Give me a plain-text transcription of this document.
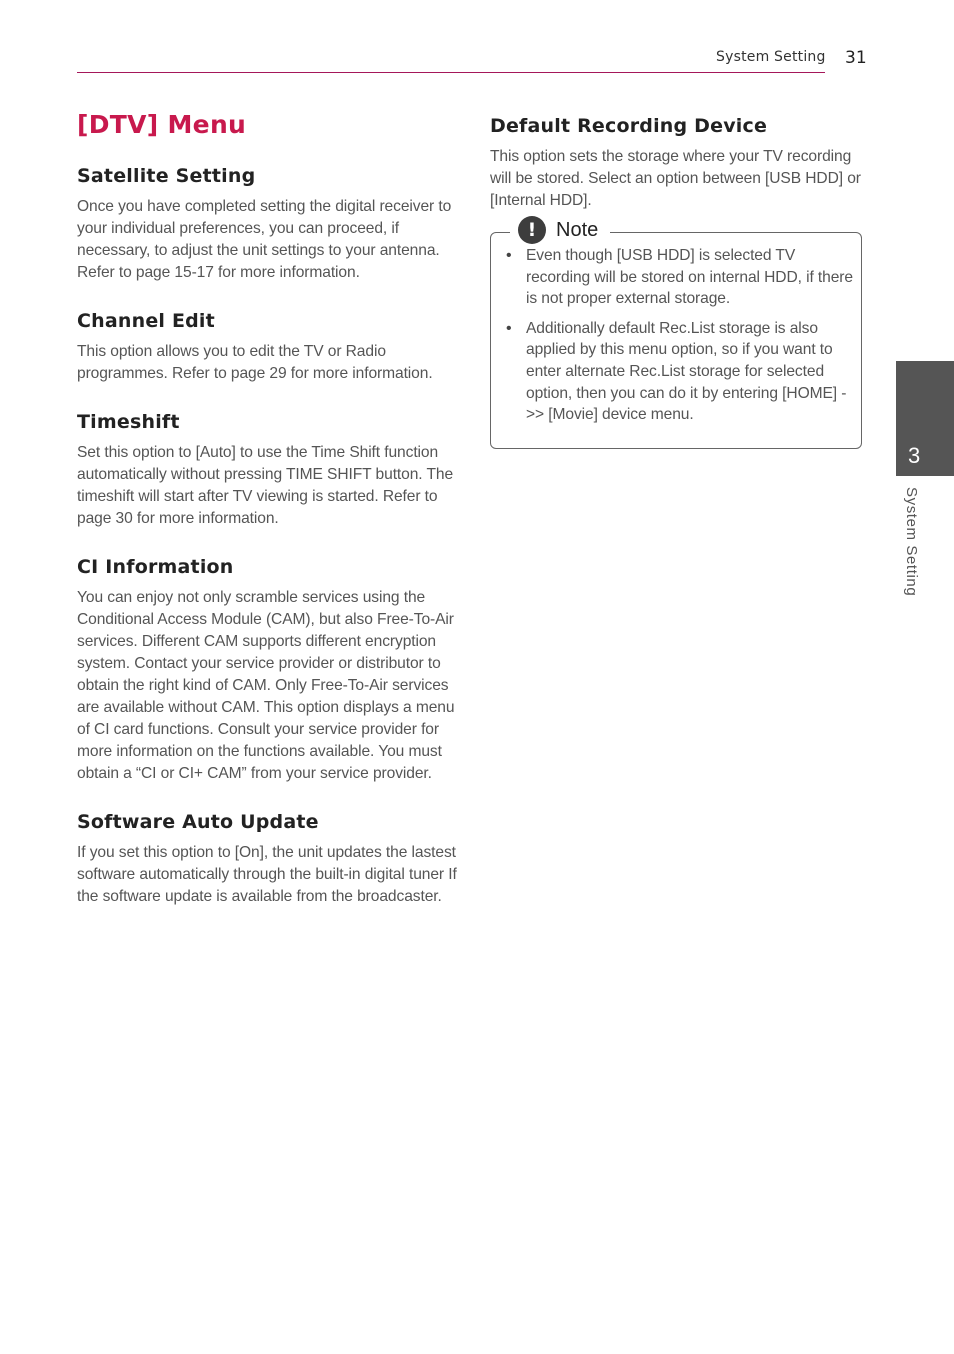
System Setting 31
[DTV] Menu
Satellite Setting

Once you have completed setting the digital receiver to your individual preferences, you can proceed, if necessary, to adjust the unit settings to your antenna. Refer to page 15-17 for more information.

Channel Edit

This option allows you to edit the TV or Radio programmes. Refer to page 29 for more information.

Timeshift

Set this option to [Auto] to use the Time Shift function automatically without pressing TIME SHIFT button. The timeshift will start after TV viewing is started. Refer to page 30 for more information.

CI Information

You can enjoy not only scramble services using the Conditional Access Module (CAM), but also Free-To-Air services. Different CAM supports different encryption system. Contact your service provider or distributor to obtain the right kind of CAM. Only Free-To-Air services are available without CAM. This option displays a menu of CI card functions. Consult your service provider for more information on the functions available. You must obtain a “CI or CI+ CAM” from your service provider.

Software Auto Update

If you set this option to [On], the unit updates the lastest software automatically through the built-in digital tuner If the software update is available from the broadcaster.

Default Recording Device

This option sets the storage where your TV recording will be stored. Select an option between [USB HDD] or [Internal HDD].

! Note
• Even though [USB HDD] is selected TV recording will be stored on internal HDD, if there is not proper external storage.
• Additionally default Rec.List storage is also applied by this menu option, so if you want to enter alternate Rec.List storage for selected option, then you can do it by entering [HOME] ->> [Movie] device menu.
3
System Setting
